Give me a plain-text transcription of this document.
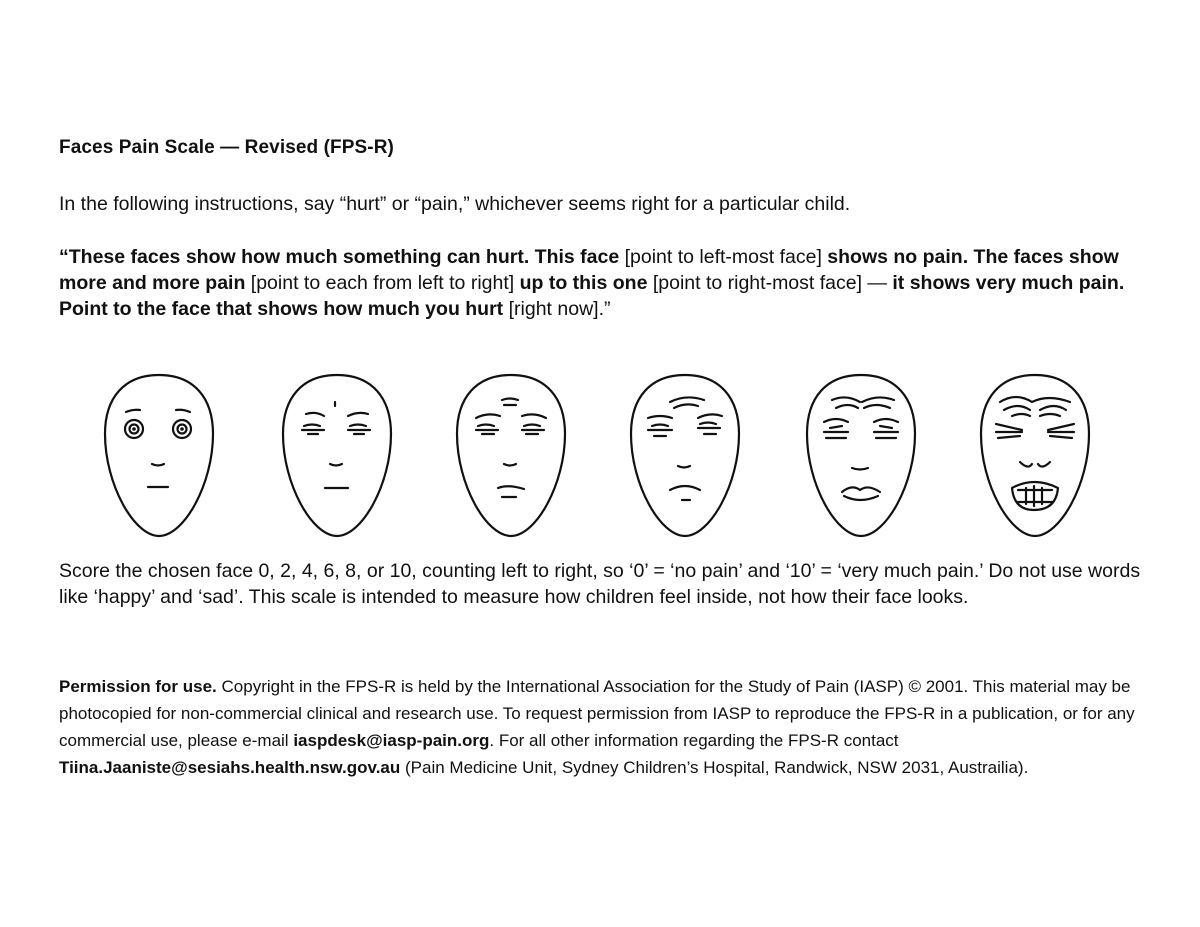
Faces Pain Scale — Revised (FPS-R)
In the following instructions, say “hurt” or “pain,” whichever seems right for a particular child.
“These faces show how much something can hurt. This face [point to left-most face] shows no pain. The faces show more and more pain [point to each from left to right] up to this one [point to right-most face] — it shows very much pain. Point to the face that shows how much you hurt [right now].”
Score the chosen face 0, 2, 4, 6, 8, or 10, counting left to right, so ‘0’ = ‘no pain’ and ‘10’ = ‘very much pain.’ Do not use words like ‘happy’ and ‘sad’. This scale is intended to measure how children feel inside, not how their face looks.
Permission for use. Copyright in the FPS-R is held by the International Association for the Study of Pain (IASP) © 2001. This material may be photocopied for non-commercial clinical and research use. To request permission from IASP to reproduce the FPS-R in a publication, or for any commercial use, please e-mail iaspdesk@iasp-pain.org. For all other information regarding the FPS-R contact Tiina.Jaaniste@sesiahs.health.nsw.gov.au (Pain Medicine Unit, Sydney Children’s Hospital, Randwick, NSW 2031, Austrailia).
